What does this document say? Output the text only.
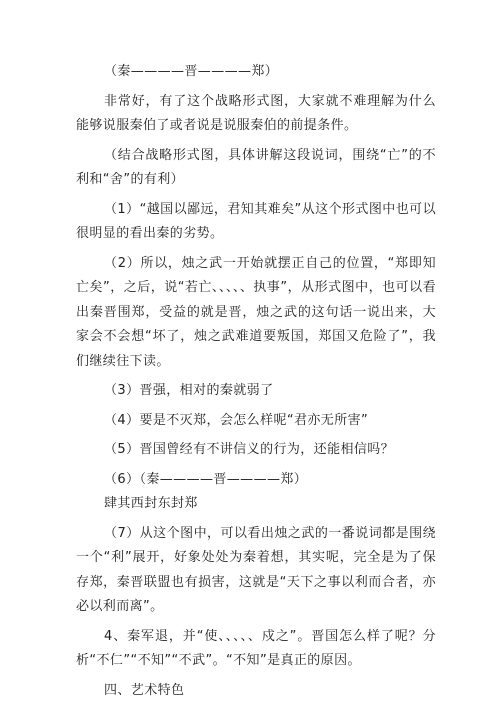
（秦————晋————郑）

非常好，有了这个战略形式图，大家就不难理解为什么能够说服秦伯了或者说是说服秦伯的前提条件。

（结合战略形式图，具体讲解这段说词，围绕“亡”的不利和“舍”的有利）

（1）“越国以鄙远，君知其难矣”从这个形式图中也可以很明显的看出秦的劣势。

（2）所以，烛之武一开始就摆正自己的位置，“郑即知亡矣”，之后，说“若亡、、、、、执事”，从形式图中，也可以看出秦晋围郑，受益的就是晋，烛之武的这句话一说出来，大家会不会想“坏了，烛之武难道要叛国，郑国又危险了”，我们继续往下读。

（3）晋强，相对的秦就弱了

（4）要是不灭郑，会怎么样呢“君亦无所害”

（5）晋国曾经有不讲信义的行为，还能相信吗？

（6）（秦————晋————郑）

肆其西封东封郑

（7）从这个图中，可以看出烛之武的一番说词都是围绕一个“利”展开，好象处处为秦着想，其实呢，完全是为了保存郑，秦晋联盟也有损害，这就是“天下之事以利而合者，亦必以利而离”。

4、秦军退，并“使、、、、、戍之”。晋国怎么样了呢？分析“不仁”“不知”“不武”。“不知”是真正的原因。

四、艺术特色
